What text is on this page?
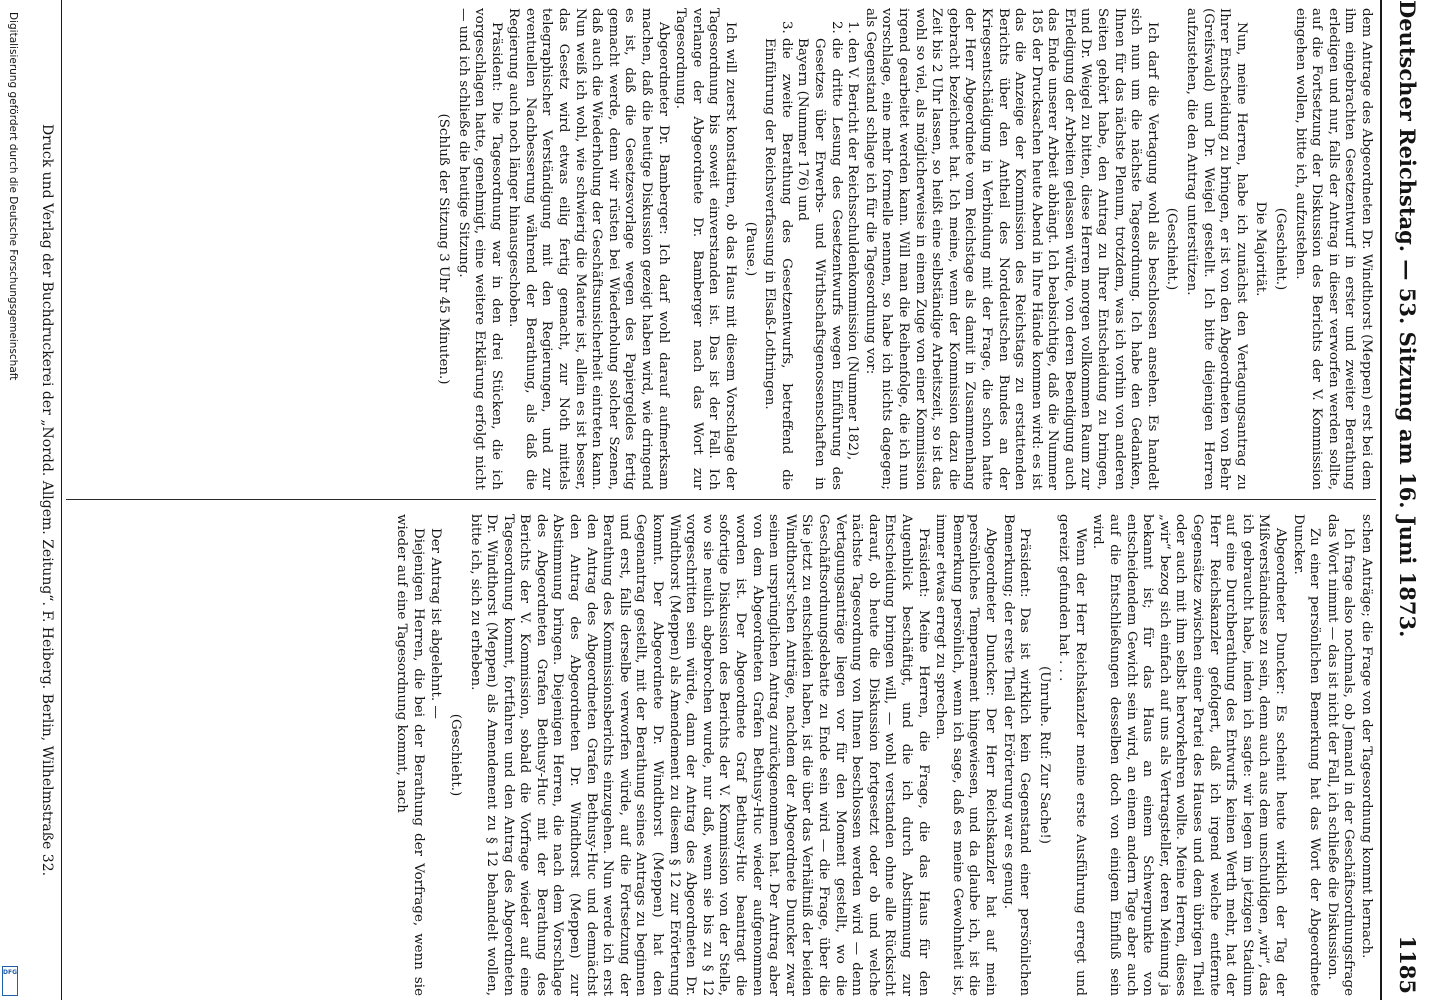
Deutscher Reichstag. — 53. Sitzung am 16. Juni 1873.
1185

dem Antrage des Abgeordneten Dr. Windthorst (Meppen) erst bei dem ihm eingebrachten Gesetzentwurf in erster und zweiter Berathung erledigen und nur, falls der Antrag in dieser verworfen werden sollte, auf die Fortsetzung der Diskussion des Berichts der V. Kommission eingehen wollen, bitte ich, aufzustehen.

(Geschieht.)

Die Majorität.

Nun, meine Herren, habe ich zunächst den Vertagungsantrag zu Ihrer Entscheidung zu bringen, er ist von den Abgeordneten von Behr (Greifswald) und Dr. Weigel gestellt. Ich bitte diejenigen Herren aufzustehen, die den Antrag unterstützen.

(Geschieht.)

Ich darf die Vertagung wohl als beschlossen ansehen. Es handelt sich nun um die nächste Tagesordnung. Ich habe den Gedanken, Ihnen für das nächste Plenum, trotzdem, was ich vorhin von anderen Seiten gehört habe, den Antrag zu Ihrer Entscheidung zu bringen, und Dr. Weigel zu bitten, diese Herren morgen vollkommen Raum zur Erledigung der Arbeiten gelassen würde, von deren Beendigung auch das Ende unserer Arbeit abhängt. Ich beabsichtige, daß die Nummer 185 der Drucksachen heute Abend in Ihre Hände kommen wird: es ist das die Anzeige der Kommission des Reichstags zu erstattenden Berichts über den Antheil des Norddeutschen Bundes an der Kriegsentschädigung in Verbindung mit der Frage, die schon hatte der Herr Abgeordnete vom Reichstage als damit in Zusammenhang gebracht bezeichnet hat. Ich meine, wenn der Kommission dazu die Zeit bis 2 Uhr lassen, so heißt eine selbständige Arbeitszeit, so ist das wohl so viel, als möglicherweise in einem Zuge von einer Kommission irgend gearbeitet werden kann. Will man die Reihenfolge, die ich nun vorschlage, eine mehr formelle nennen, so habe ich nichts dagegen; als Gegenstand schlage ich für die Tagesordnung vor:

1. den V. Bericht der Reichsschuldenkommission (Nummer 182),
2. die dritte Lesung des Gesetzentwurfs wegen Einführung des Gesetzes über Erwerbs- und Wirthschaftsgenossenschaften in Bayern (Nummer 176) und
3. die zweite Berathung des Gesetzentwurfs, betreffend die Einführung der Reichsverfassung in Elsaß-Lothringen.

(Pause.)

Ich will zuerst konstatiren, ob das Haus mit diesem Vorschlage der Tagesordnung bis soweit einverstanden ist. Das ist der Fall. Ich verlange der Abgeordnete Dr. Bamberger nach das Wort zur Tagesordnung.

Abgeordneter Dr. Bamberger: Ich darf wohl darauf aufmerksam machen, daß die heutige Diskussion gezeigt haben wird, wie dringend es ist, daß die Gesetzesvorlage wegen des Papiergeldes fertig gemacht werde, denn wir rüsten bei Wiederholung solcher Szenen, daß auch die Wiederholung der Geschäftsunsicherheit eintreten kann. Nun weiß ich wohl, wie schwierig die Materie ist, allein es ist besser, das Gesetz wird etwas eilig fertig gemacht, zur Noth mittels telegraphischer Verständigung mit den Regierungen, und zur eventuellen Nachbesserung während der Berathung, als daß die Regierung auch noch länger hinausgeschoben.

Präsident: Die Tagesordnung war in den drei Stücken, die ich vorgeschlagen hatte, genehmigt, eine weitere Erklärung erfolgt nicht — und ich schließe die heutige Sitzung.

(Schluß der Sitzung 3 Uhr 45 Minuten.)

schen Anträge; die Frage von der Tagesordnung kommt hernach.

Ich frage also nochmals, ob Jemand in der Geschäftsordnungsfrage das Wort nimmt — das ist nicht der Fall, ich schließe die Diskussion.

Zu einer persönlichen Bemerkung hat das Wort der Abgeordnete Duncker.

Abgeordneter Duncker: Es scheint heute wirklich der Tag der Mißverständnisse zu sein, denn auch aus dem unschuldigen „wir“, das ich gebraucht habe, indem ich sagte: wir legen im jetzigen Stadium auf eine Durchberathung des Entwurfs keinen Werth mehr, hat der Herr Reichskanzler gefolgert, daß ich irgend welche entfernte Gegensätze zwischen einer Partei des Hauses und dem übrigen Theil oder auch mit ihm selbst hervorkehren wollte. Meine Herren, dieses „wir“ bezog sich einfach auf uns als Vertragsteller, deren Meinung ja bekannt ist; für das Haus an einem Schwerpunkte von entscheidendem Gewicht sein wird, an einem andern Tage aber auch auf die Entschließungen desselben doch von einigem Einfluß sein wird.

Wenn der Herr Reichskanzler meine erste Ausführung erregt und gereizt gefunden hat . . .

(Unruhe. Ruf: Zur Sache!)

Präsident: Das ist wirklich kein Gegenstand einer persönlichen Bemerkung; der erste Theil der Erörterung war es genug.

Abgeordneter Duncker: Der Herr Reichskanzler hat auf mein persönliches Temperament hingewiesen, und da glaube ich, ist die Bemerkung persönlich, wenn ich sage, daß es meine Gewohnheit ist, immer etwas erregt zu sprechen.

Präsident: Meine Herren, die Frage, die das Haus für den Augenblick beschäftigt, und die ich durch Abstimmung zur Entscheidung bringen will, — wohl verstanden ohne alle Rücksicht darauf, ob heute die Diskussion fortgesetzt oder ob und welche nächste Tagesordnung von Ihnen beschlossen werden wird — denn Vertagungsanträge liegen vor für den Moment gestellt, wo die Geschäftsordnungsdebatte zu Ende sein wird — die Frage, über die Sie jetzt zu entscheiden haben, ist die über das Verhältniß der beiden Windthorst'schen Anträge, nachdem der Abgeordnete Duncker zwar seinen ursprünglichen Antrag zurückgenommen hat. Der Antrag aber von dem Abgeordneten Grafen Bethusy-Huc wieder aufgenommen worden ist. Der Abgeordnete Graf Bethusy-Huc beantragt die sofortige Diskussion des Berichts der V. Kommission von der Stelle, wo sie neulich abgebrochen wurde, nur daß, wenn sie bis zu § 12 vorgeschritten sein würde, dann der Antrag des Abgeordneten Dr. Windthorst (Meppen) als Amendement zu diesem § 12 zur Erörterung kommt. Der Abgeordnete Dr. Windthorst (Meppen) hat den Gegenantrag gestellt, mit der Berathung seines Antrags zu beginnen und erst, falls derselbe verworfen würde, auf die Fortsetzung der Berathung des Kommissionsberichts einzugehen. Nun werde ich erst den Antrag des Abgeordneten Grafen Bethusy-Huc und demnächst den Antrag des Abgeordneten Dr. Windthorst (Meppen) zur Abstimmung bringen. Diejenigen Herren, die nach dem Vorschlage des Abgeordneten Grafen Bethusy-Huc mit der Berathung des Berichts der V. Kommission, sobald die Vorfrage wieder auf eine Tagesordnung kommt, fortfahren und den Antrag des Abgeordneten Dr. Windthorst (Meppen) als Amendement zu § 12 behandelt wollen, bitte ich, sich zu erheben.

(Geschieht.)

Der Antrag ist abgelehnt. —

Diejenigen Herren, die bei der Berathung der Vorfrage, wenn sie wieder auf eine Tagesordnung kommt, nach

Druck und Verlag der Buchdruckerei der „Nordd. Allgem. Zeitung“. F. Heiberg. Berlin, Wilhelmstraße 32.
Digitalisierung gefördert durch die Deutsche Forschungsgemeinschaft
DFG
